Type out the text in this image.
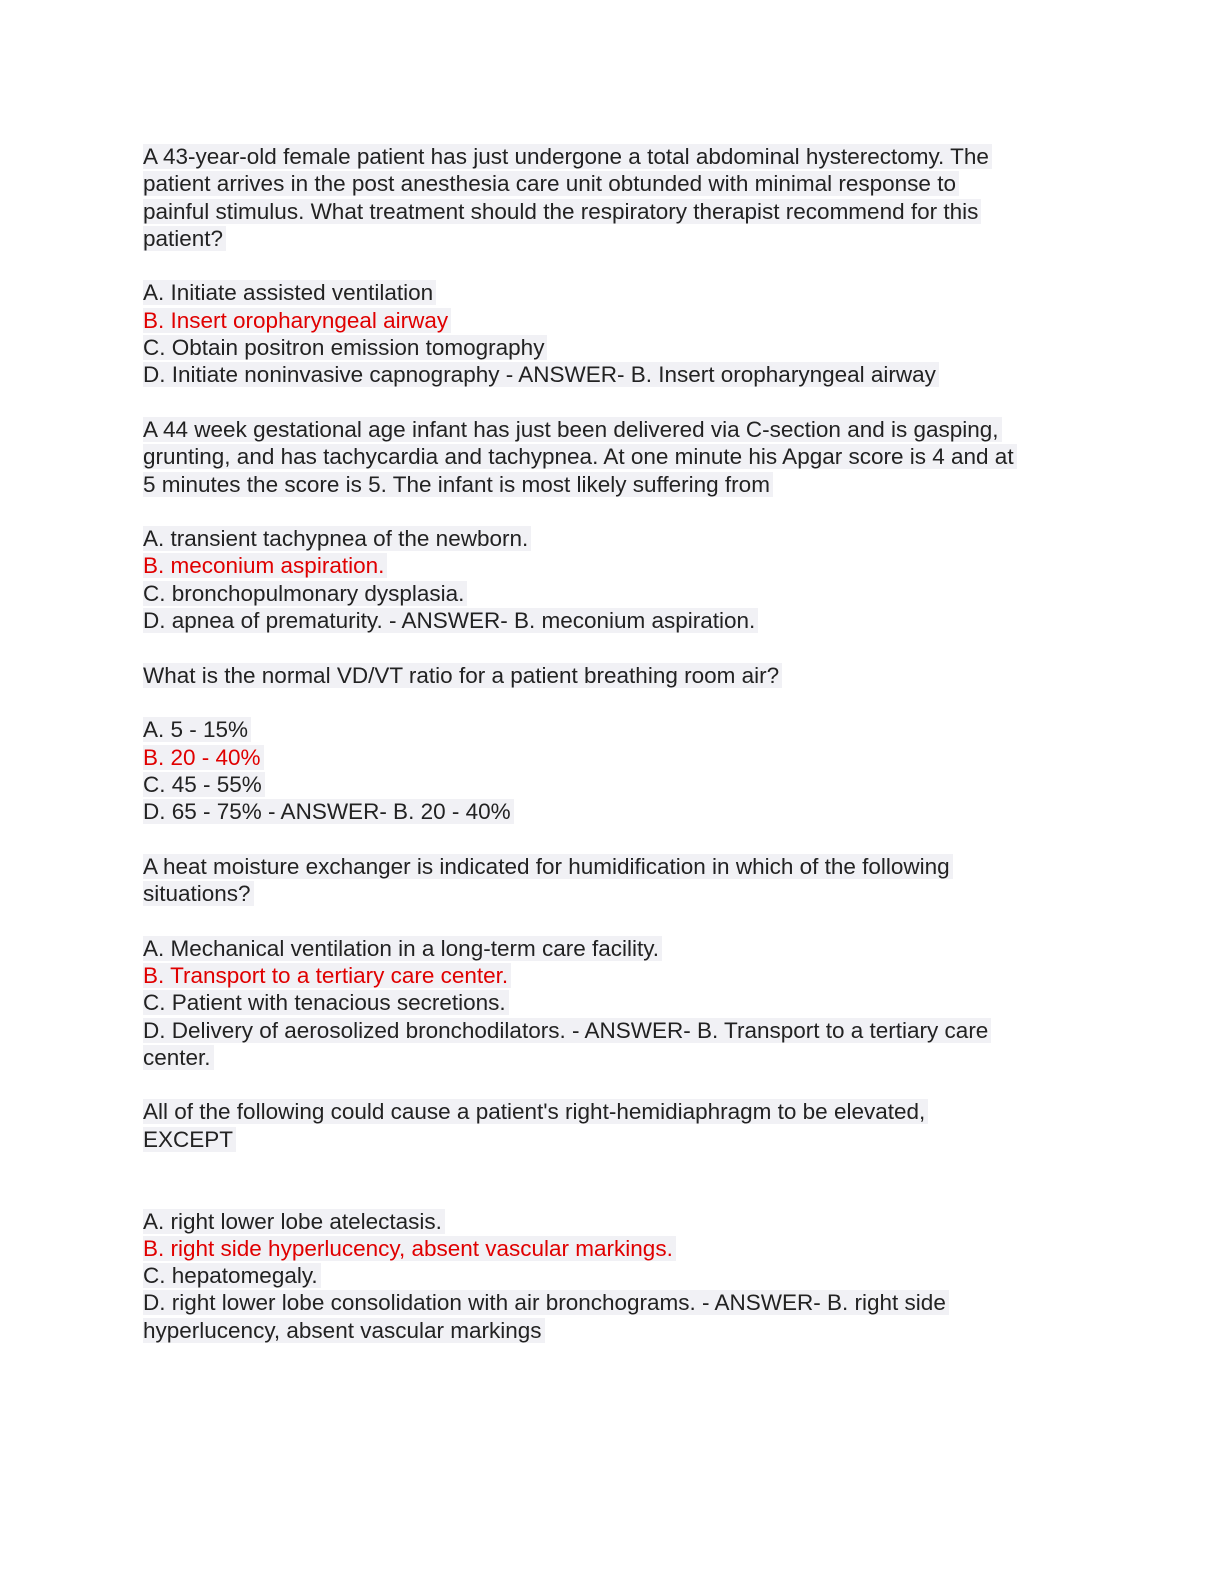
A 43-year-old female patient has just undergone a total abdominal hysterectomy. The
patient arrives in the post anesthesia care unit obtunded with minimal response to
painful stimulus. What treatment should the respiratory therapist recommend for this
patient?
A. Initiate assisted ventilation
B. Insert oropharyngeal airway
C. Obtain positron emission tomography
D. Initiate noninvasive capnography - ANSWER- B. Insert oropharyngeal airway
A 44 week gestational age infant has just been delivered via C-section and is gasping,
grunting, and has tachycardia and tachypnea. At one minute his Apgar score is 4 and at
5 minutes the score is 5. The infant is most likely suffering from
A. transient tachypnea of the newborn.
B. meconium aspiration.
C. bronchopulmonary dysplasia.
D. apnea of prematurity. - ANSWER- B. meconium aspiration.
What is the normal VD/VT ratio for a patient breathing room air?
A. 5 - 15%
B. 20 - 40%
C. 45 - 55%
D. 65 - 75% - ANSWER- B. 20 - 40%
A heat moisture exchanger is indicated for humidification in which of the following
situations?
A. Mechanical ventilation in a long-term care facility.
B. Transport to a tertiary care center.
C. Patient with tenacious secretions.
D. Delivery of aerosolized bronchodilators. - ANSWER- B. Transport to a tertiary care
center.
All of the following could cause a patient's right-hemidiaphragm to be elevated,
EXCEPT
A. right lower lobe atelectasis.
B. right side hyperlucency, absent vascular markings.
C. hepatomegaly.
D. right lower lobe consolidation with air bronchograms. - ANSWER- B. right side
hyperlucency, absent vascular markings
